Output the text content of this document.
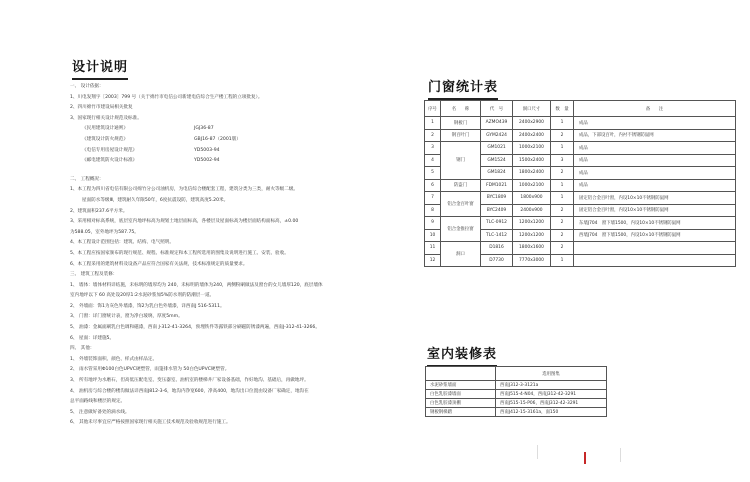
设计说明
一、 设计依据：
1、川电发翔字［2003］799 号（关于绵竹市电信公司新建电信综合生产楼工程的立项批复）。
2、四川绵竹市建设局相关批复
3、国家现行相关设计规范及标准。
《民用建筑设计通则》	JGJ36-87
《建筑设计防火规范》	GBJ16-87（2001版）
《电信专用房屋设计规范》	YD5003-94
《邮电建筑防火设计标准》	YD5002-94
二、 工程概况：
1、本工程为四川省电信有限公司绵竹分公司油机房，为电信综合楼配套工程，建筑分类为三类，耐火等级二级。
屋面防水等级Ⅲ，建筑耐久年限50年，6度抗震设防，建筑高度5.20米。
2、建筑面积237.6平方米。
3、采用相对标高系统，底层室内地坪标高为规划土地层面标高，各楼层及屋面标高为楼层面结构面标高，±0.00
为588.05，室外地坪为587.75。
4、本工程设计范围包括：建筑、结构、电气照明。
5、本工程应按国家颁布的现行规范、规程、标准规定和本工程所选用的图集及说明进行施工、安装、验收。
6、本工程采用的建筑材料及设备产品应符合国家有关法规，技术标准规定的质量要求。
三、 建筑工程及装修：
1、 墙体：墙体材料详结施，未标明的墙厚均为 240，未标明的墙体为240，两侧粉刷做法及窗台的女儿墙厚120，底层墙体
室内地坪以下 60 高处设20厚1:2水泥砂浆加5%防水剂的防潮层一道。
2、 外墙面：饰1为灰色外墙漆，饰2为乳白色外墙漆，详西南J 516-5311。
3、 门窗：详门窗统计表，窗为净白玻璃，厚度5mm。
5、 油漆：金属面刷乳白色调和磁漆，西南 J-312-41-3264，预埋铁件等露铁部分刷磁防锈漆两遍，西南J-312-41-3266。
6、 屋面：详建施5。
四、 其他：
1、 外墙装饰面积、颜色、样式由样品定。
2、 雨水管采用Φ100白色UPVC硬塑管，雨篷排水管为 50白色UPVC硬塑管。
3、 所有地坪为水磨石，但高低压配电室、变压器室、油机室的楼梯井厂家设备基础，作好地沟、基础后，再做地坪。
4、 油机房与综合楼的楼沟做法详西南J812-3-6，地沟内净宽600，净高400，地沟出口位置由设备厂家确定，地沟在
总平面路线和楼层的规定。
5、 注意做好备处的滴水线。
6、 其他未尽事宜应严格按照国家现行相关施工技术规范及验收规范进行施工。
门窗统计表
序号	名　　称	代　号	洞口尺寸	数　量	备　　注
1	钢板门	AZMO439	2400x2900	1	成品
2	钢百叶门	GYM2424	2400x2400	2	成品，下部设百叶，内衬不锈钢防鼠网
3	钢门	GM1021	1000x2100	1	成品
4		GM1524	1500x2400	3	成品
5		GM1824	1800x2400	2	成品
6	防盗门	FDM1021	1000x2100	1	成品
7	铝合金百叶窗	BYC1809	1800x900	1	固定铝合金百叶窗，内设10×10不锈钢防鼠网
8		BYC2409	2400x900	2	固定铝合金百叶窗，内设10×10不锈钢防鼠网
9	铝合金推拉窗	TLC-0912	1200x1200	2	东墙J704　窗下墙1500，内设10×10不锈钢防鼠网
10		TLC-1412	1200x1200	2	西墙J704　窗下墙1500，内设10×10不锈钢防鼠网
11	洞口	D1816	1800x1600	2	
12		D7730	7770x3000	1	
室内装修表
	选用图集
水泥砂浆墙面	西南J312-3-3121a
白色乳胶漆墙面	西南J515-4-N04，西南J312-42-3291
白色乳胶漆顶棚	西南J515-15-P06，西南J312-42-3291
钢板钢梯踏	西南J412-15-3161a，面150
